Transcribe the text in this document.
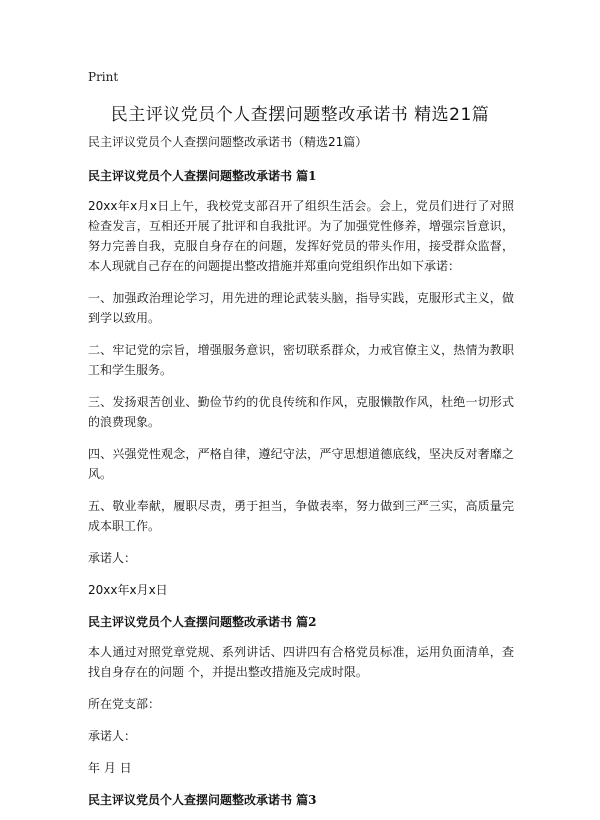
Print
民主评议党员个人查摆问题整改承诺书 精选21篇

民主评议党员个人查摆问题整改承诺书（精选21篇）

民主评议党员个人查摆问题整改承诺书 篇1

20xx年x月x日上午，我校党支部召开了组织生活会。会上，党员们进行了对照检查发言，互相还开展了批评和自我批评。为了加强党性修养，增强宗旨意识，努力完善自我，克服自身存在的问题，发挥好党员的带头作用，接受群众监督，本人现就自己存在的问题提出整改措施并郑重向党组织作出如下承诺：

一、加强政治理论学习，用先进的理论武装头脑，指导实践，克服形式主义，做到学以致用。

二、牢记党的宗旨，增强服务意识，密切联系群众，力戒官僚主义，热情为教职工和学生服务。

三、发扬艰苦创业、勤俭节约的优良传统和作风，克服懒散作风，杜绝一切形式的浪费现象。

四、兴强党性观念，严格自律，遵纪守法，严守思想道德底线，坚决反对奢靡之风。

五、敬业奉献，履职尽责，勇于担当，争做表率，努力做到三严三实，高质量完成本职工作。

承诺人：

20xx年x月x日

民主评议党员个人查摆问题整改承诺书 篇2

本人通过对照党章党规、系列讲话、四讲四有合格党员标准，运用负面清单，查找自身存在的问题 个，并提出整改措施及完成时限。

所在党支部：

承诺人：

年 月 日

民主评议党员个人查摆问题整改承诺书 篇3
